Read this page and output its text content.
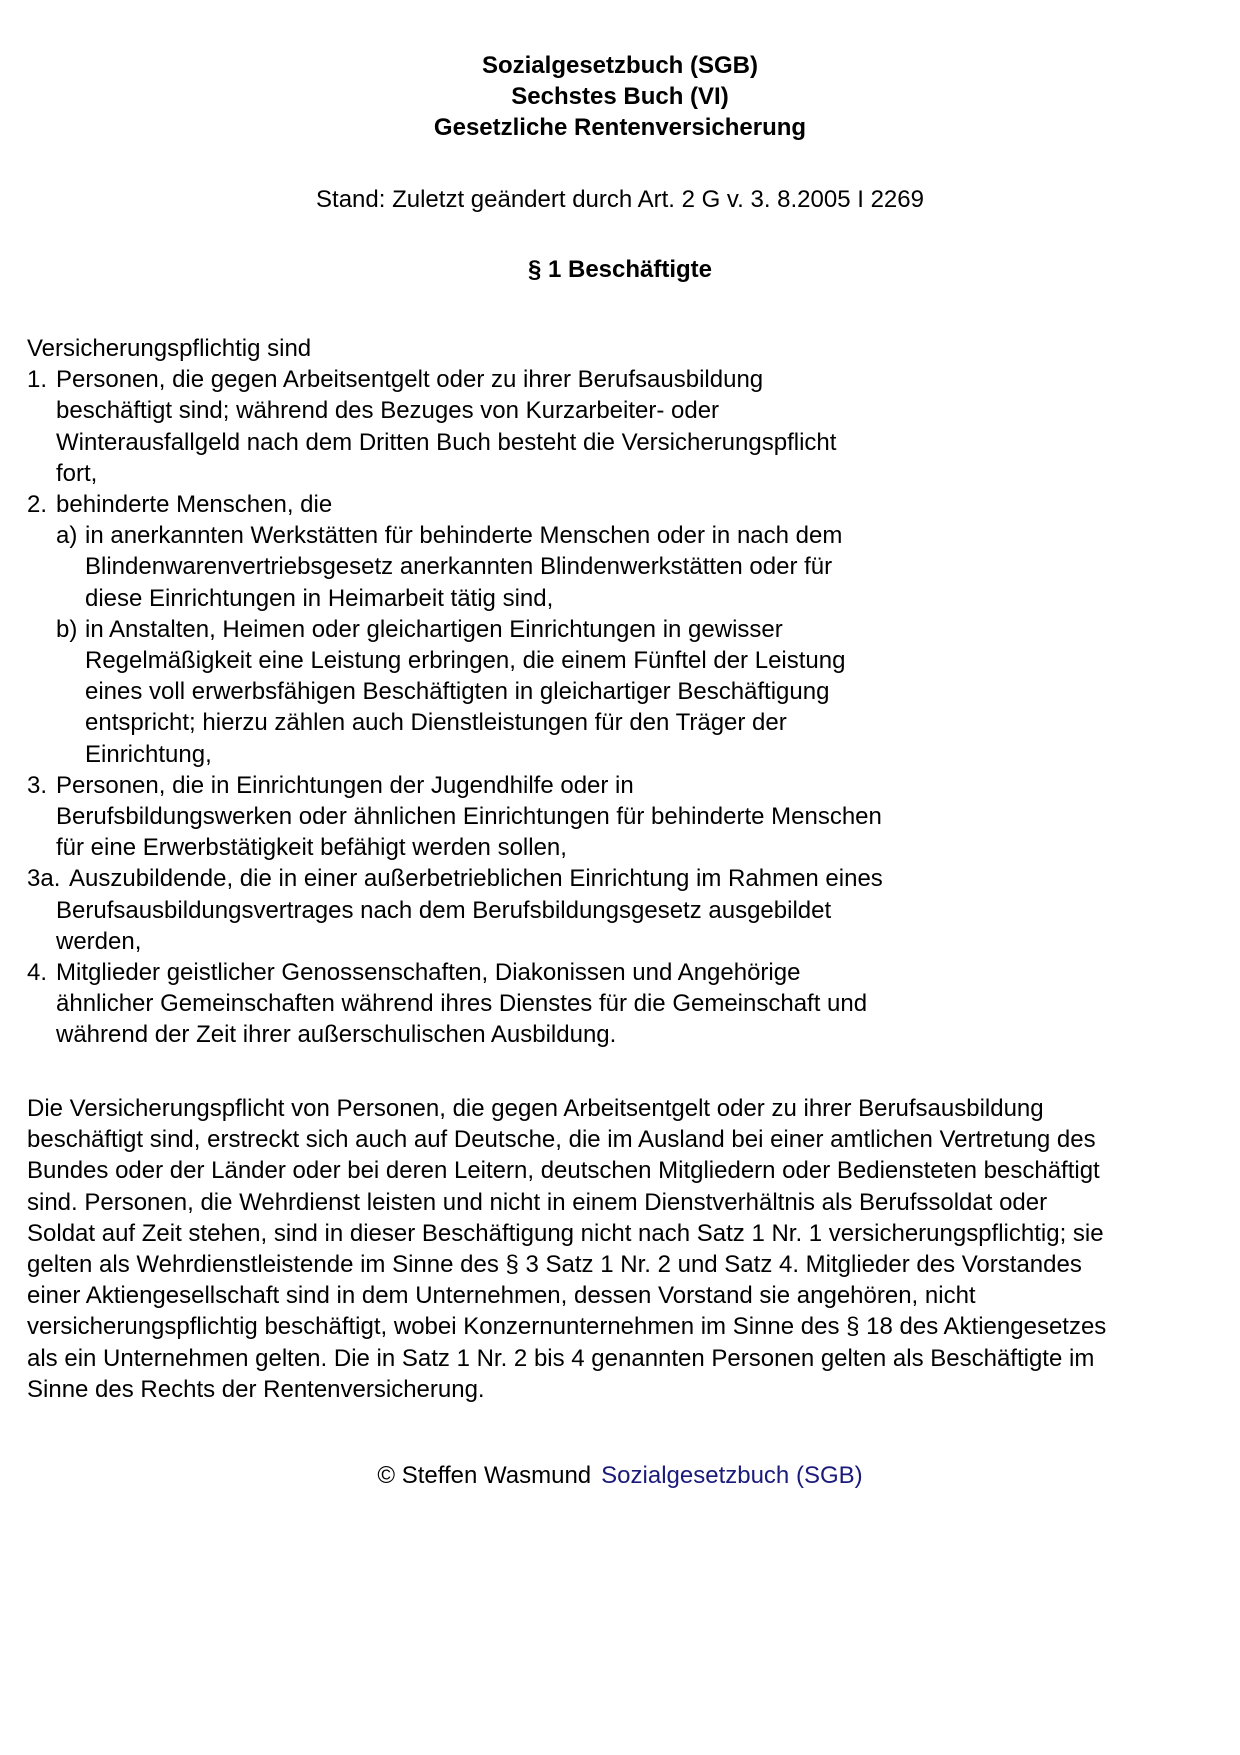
Sozialgesetzbuch (SGB)
Sechstes Buch (VI)
Gesetzliche Rentenversicherung
Stand: Zuletzt geändert durch Art. 2 G v. 3. 8.2005 I 2269
§ 1 Beschäftigte
Versicherungspflichtig sind
1. Personen, die gegen Arbeitsentgelt oder zu ihrer Berufsausbildung
beschäftigt sind; während des Bezuges von Kurzarbeiter- oder
Winterausfallgeld nach dem Dritten Buch besteht die Versicherungspflicht
fort,
2. behinderte Menschen, die
a) in anerkannten Werkstätten für behinderte Menschen oder in nach dem
Blindenwarenvertriebsgesetz anerkannten Blindenwerkstätten oder für
diese Einrichtungen in Heimarbeit tätig sind,
b) in Anstalten, Heimen oder gleichartigen Einrichtungen in gewisser
Regelmäßigkeit eine Leistung erbringen, die einem Fünftel der Leistung
eines voll erwerbsfähigen Beschäftigten in gleichartiger Beschäftigung
entspricht; hierzu zählen auch Dienstleistungen für den Träger der
Einrichtung,
3. Personen, die in Einrichtungen der Jugendhilfe oder in
Berufsbildungswerken oder ähnlichen Einrichtungen für behinderte Menschen
für eine Erwerbstätigkeit befähigt werden sollen,
3a. Auszubildende, die in einer außerbetrieblichen Einrichtung im Rahmen eines
Berufsausbildungsvertrages nach dem Berufsbildungsgesetz ausgebildet
werden,
4. Mitglieder geistlicher Genossenschaften, Diakonissen und Angehörige
ähnlicher Gemeinschaften während ihres Dienstes für die Gemeinschaft und
während der Zeit ihrer außerschulischen Ausbildung.

Die Versicherungspflicht von Personen, die gegen Arbeitsentgelt oder zu ihrer Berufsausbildung

beschäftigt sind, erstreckt sich auch auf Deutsche, die im Ausland bei einer amtlichen Vertretung des

Bundes oder der Länder oder bei deren Leitern, deutschen Mitgliedern oder Bediensteten beschäftigt

sind. Personen, die Wehrdienst leisten und nicht in einem Dienstverhältnis als Berufssoldat oder

Soldat auf Zeit stehen, sind in dieser Beschäftigung nicht nach Satz 1 Nr. 1 versicherungspflichtig; sie

gelten als Wehrdienstleistende im Sinne des § 3 Satz 1 Nr. 2 und Satz 4. Mitglieder des Vorstandes

einer Aktiengesellschaft sind in dem Unternehmen, dessen Vorstand sie angehören, nicht

versicherungspflichtig beschäftigt, wobei Konzernunternehmen im Sinne des § 18 des Aktiengesetzes

als ein Unternehmen gelten. Die in Satz 1 Nr. 2 bis 4 genannten Personen gelten als Beschäftigte im

Sinne des Rechts der Rentenversicherung.

© Steffen Wasmund Sozialgesetzbuch (SGB)
